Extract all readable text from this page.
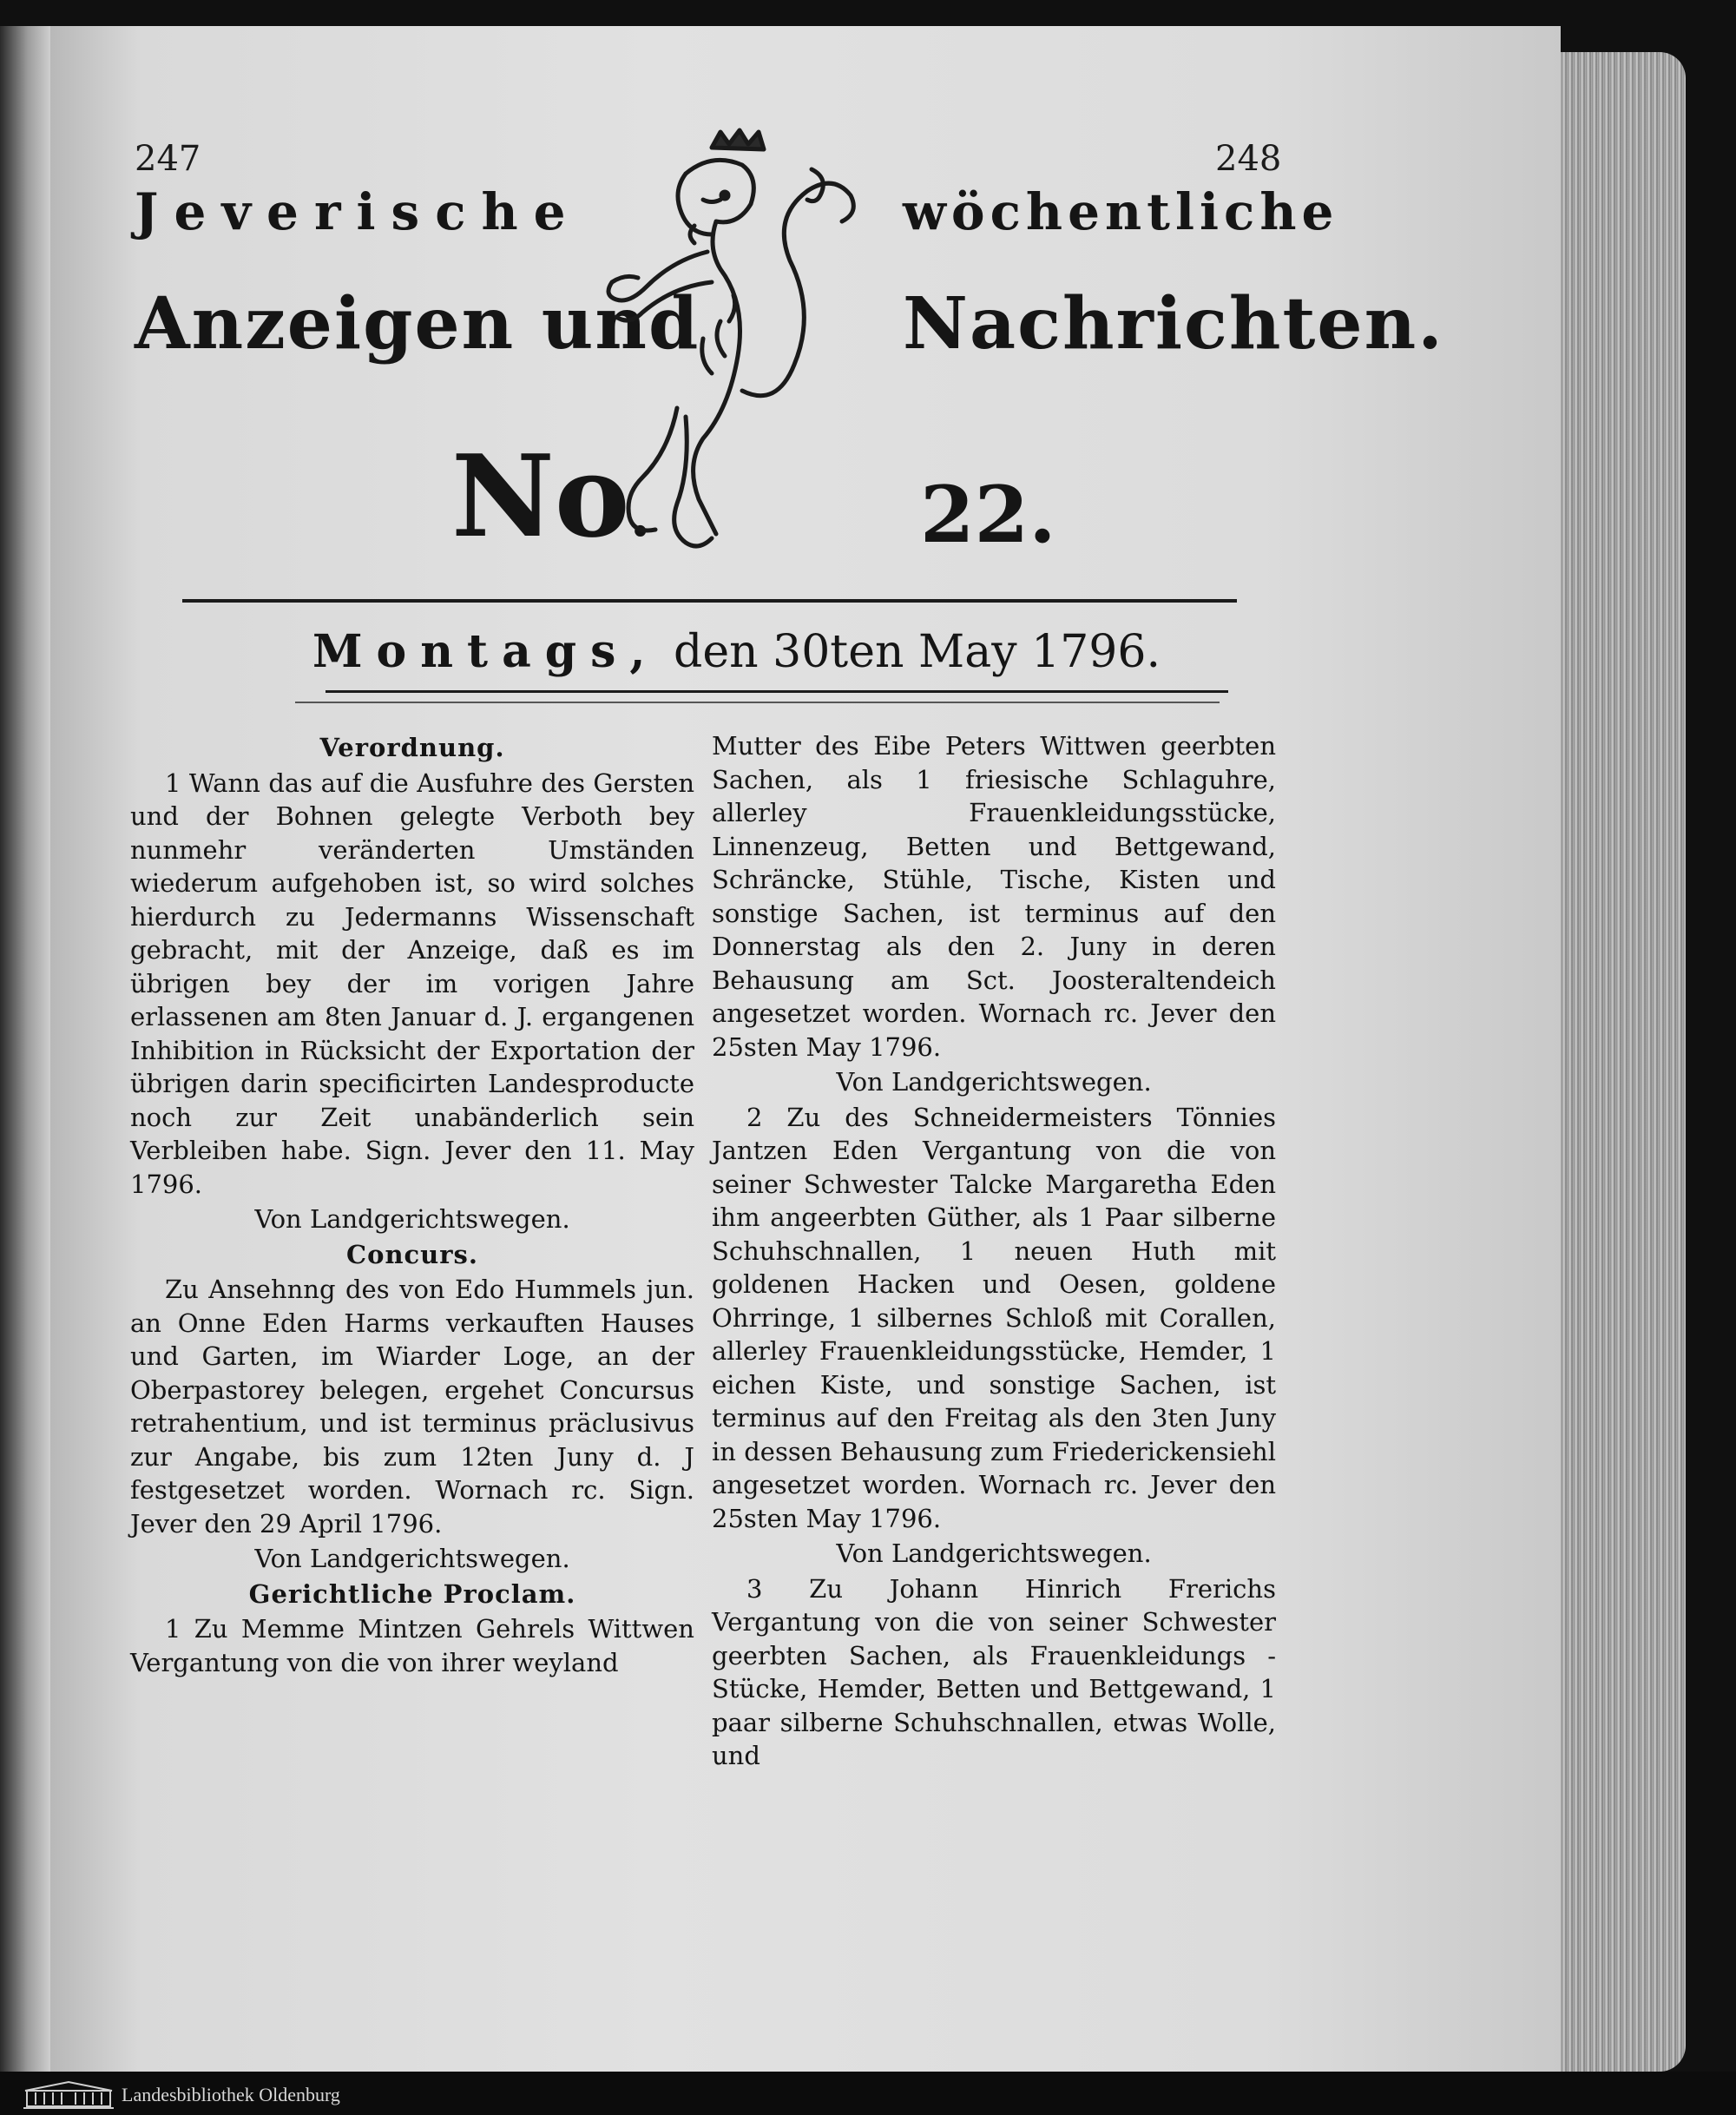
247	248
Jeverische	wöchentliche
Anzeigen und	Nachrichten.
No.	22.
Montags, den 30ten May 1796.

Verordnung.

1 Wann das auf die Ausfuhre des Gersten und der Bohnen gelegte Verboth bey nunmehr veränderten Umständen wiederum aufgehoben ist, so wird solches hierdurch zu Jedermanns Wissenschaft gebracht, mit der Anzeige, daß es im übrigen bey der im vorigen Jahre erlassenen am 8ten Januar d. J. ergangenen Inhibition in Rücksicht der Exportation der übrigen darin specificirten Landesproducte noch zur Zeit unabänderlich sein Verbleiben habe. Sign. Jever den 11. May 1796.

Von Landgerichtswegen.

Concurs.

Zu Ansehnng des von Edo Hummels jun. an Onne Eden Harms verkauften Hauses und Garten, im Wiarder Loge, an der Oberpastorey belegen, ergehet Concursus retrahentium, und ist terminus präclusivus zur Angabe, bis zum 12ten Juny d. J festgesetzet worden. Wornach rc. Sign. Jever den 29 April 1796.

Von Landgerichtswegen.

Gerichtliche Proclam.

1 Zu Memme Mintzen Gehrels Wittwen Vergantung von die von ihrer weyland

Mutter des Eibe Peters Wittwen geerbten Sachen, als 1 friesische Schlaguhre, allerley Frauenkleidungsstücke, Linnenzeug, Betten und Bettgewand, Schräncke, Stühle, Tische, Kisten und sonstige Sachen, ist terminus auf den Donnerstag als den 2. Juny in deren Behausung am Sct. Joosteraltendeich angesetzet worden. Wornach rc. Jever den 25sten May 1796.

Von Landgerichtswegen.

2 Zu des Schneidermeisters Tönnies Jantzen Eden Vergantung von die von seiner Schwester Talcke Margaretha Eden ihm angeerbten Güther, als 1 Paar silberne Schuhschnallen, 1 neuen Huth mit goldenen Hacken und Oesen, goldene Ohrringe, 1 silbernes Schloß mit Corallen, allerley Frauenkleidungsstücke, Hemder, 1 eichen Kiste, und sonstige Sachen, ist terminus auf den Freitag als den 3ten Juny in dessen Behausung zum Friederickensiehl angesetzet worden. Wornach rc. Jever den 25sten May 1796.

Von Landgerichtswegen.

3 Zu Johann Hinrich Frerichs Vergantung von die von seiner Schwester geerbten Sachen, als Frauenkleidungs - Stücke, Hemder, Betten und Bettgewand, 1 paar silberne Schuhschnallen, etwas Wolle, und

Landesbibliothek Oldenburg
